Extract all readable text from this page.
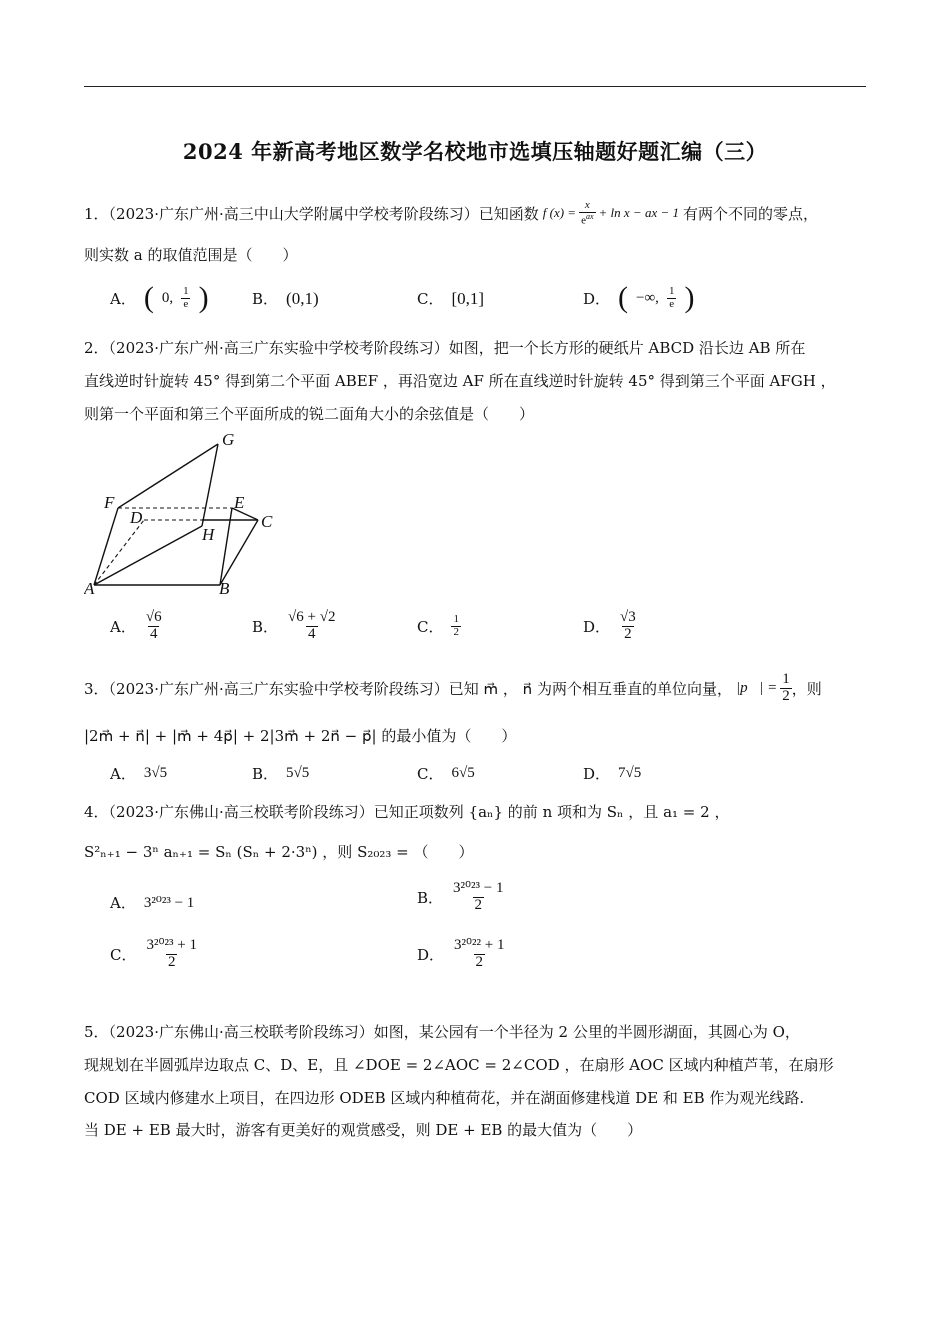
2024 年新高考地区数学名校地市选填压轴题好题汇编（三）
1．（2023·广东广州·高三中山大学附属中学校考阶段练习）已知函数 f $(x) = \frac{x}{e^{ax}} + \ln x$ − ax − 1 有两个不同的零点，
则实数 a 的取值范围是（　　）
A． ( 0, $\frac{1}{e}$ )	B． (0,1)	C． [0,1]	D． ( −∞, $\frac{1}{e}$ )
2．（2023·广东广州·高三广东实验中学校考阶段练习）如图，把一个长方形的硬纸片 ABCD 沿长边 AB 所在
直线逆时针旋转 45° 得到第二个平面 ABEF ，再沿宽边 AF 所在直线逆时针旋转 45° 得到第三个平面 AFGH ，
则第一个平面和第三个平面所成的锐二面角大小的余弦值是（　　）
G
F	E
D	C
H
A	B
A． $\frac{√6}{4}$	B． $\frac{√6 + √2}{4}$	C． $\frac{1}{2}$	D． $\frac{√3}{2}$
3．（2023·广东广州·高三广东实验中学校考阶段练习）已知 m⃗ ， n⃗ 为两个相互垂直的单位向量， |p⃗| = $\frac{1}{2}$ ，则
|2m⃗ + n⃗| + |m⃗ + 4p⃗| + 2|3m⃗ + 2n⃗ − p⃗| 的最小值为（　　）
A． 3√5	B． 5√5	C． 6√5	D． 7√5
4．（2023·广东佛山·高三校联考阶段练习）已知正项数列 {aₙ} 的前 n 项和为 Sₙ ，且 a₁ = 2 ，
S²ₙ₊₁ − 3ⁿ aₙ₊₁ = Sₙ (Sₙ + 2·3ⁿ) ，则 S₂₀₂₃ = （　　）
A． 3²⁰²³ − 1	B． $\frac{\text{3²⁰²³ − 1}}{2}$
C． $\frac{\text{3²⁰²³ + 1}}{2}$	D． $\frac{\text{3²⁰²² + 1}}{2}$
5．（2023·广东佛山·高三校联考阶段练习）如图，某公园有一个半径为 2 公里的半圆形湖面，其圆心为 O，
现规划在半圆弧岸边取点 C、D、E，且 ∠DOE = 2∠AOC = 2∠COD ，在扇形 AOC 区域内种植芦苇，在扇形
COD 区域内修建水上项目，在四边形 ODEB 区域内种植荷花，并在湖面修建栈道 DE 和 EB 作为观光线路.
当 DE + EB 最大时，游客有更美好的观赏感受，则 DE + EB 的最大值为（　　）
